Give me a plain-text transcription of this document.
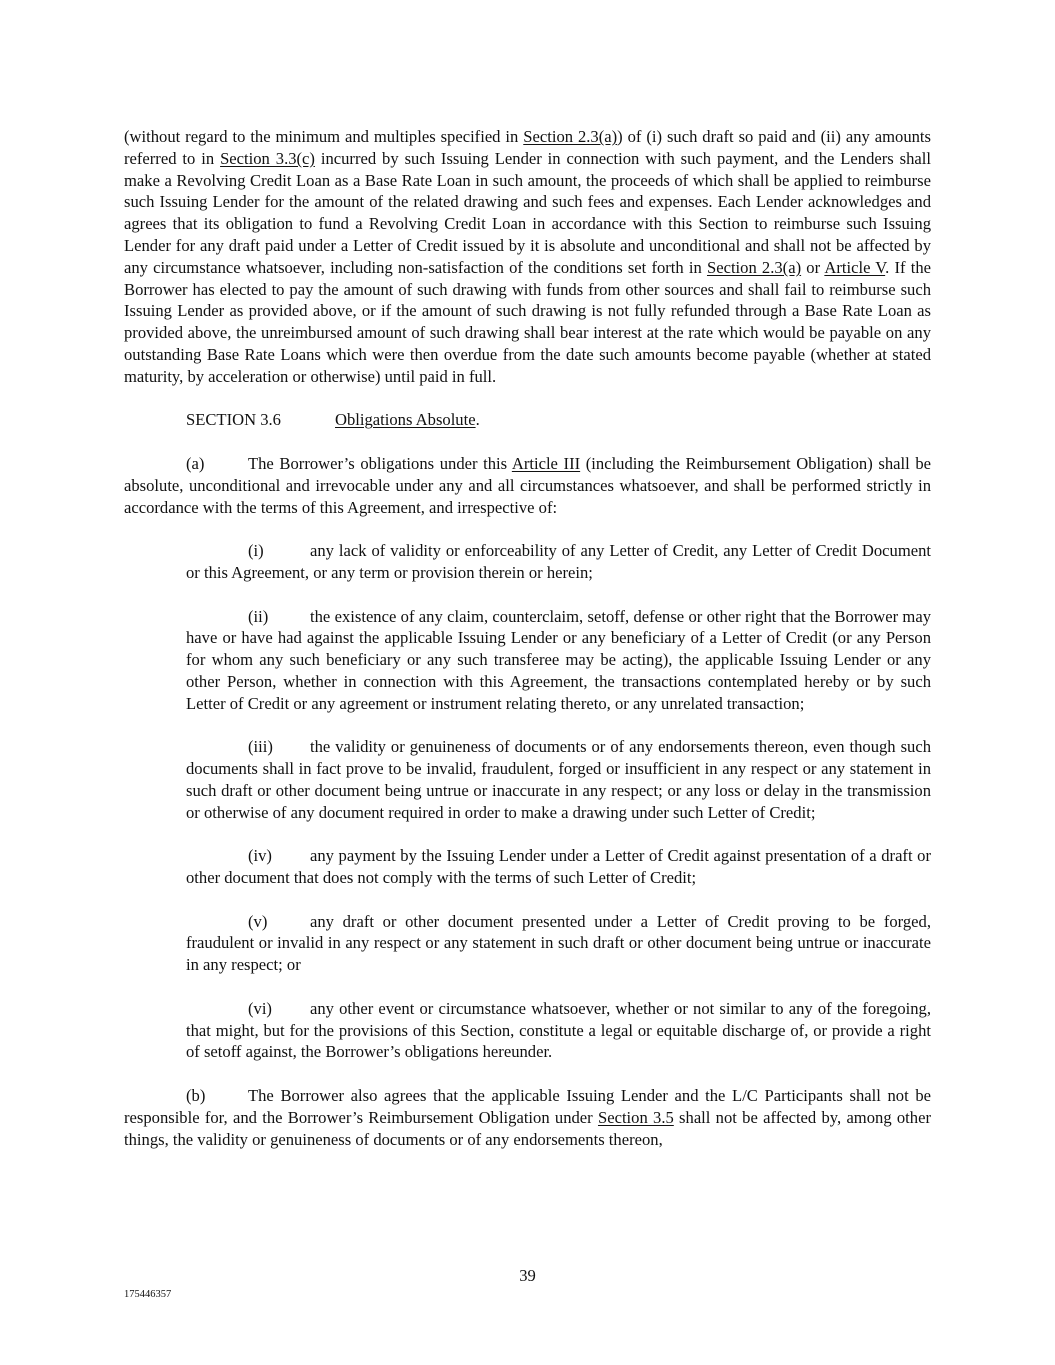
(without regard to the minimum and multiples specified in Section 2.3(a)) of (i) such draft so paid and (ii) any amounts referred to in Section 3.3(c) incurred by such Issuing Lender in connection with such payment, and the Lenders shall make a Revolving Credit Loan as a Base Rate Loan in such amount, the proceeds of which shall be applied to reimburse such Issuing Lender for the amount of the related drawing and such fees and expenses. Each Lender acknowledges and agrees that its obligation to fund a Revolving Credit Loan in accordance with this Section to reimburse such Issuing Lender for any draft paid under a Letter of Credit issued by it is absolute and unconditional and shall not be affected by any circumstance whatsoever, including non-satisfaction of the conditions set forth in Section 2.3(a) or Article V. If the Borrower has elected to pay the amount of such drawing with funds from other sources and shall fail to reimburse such Issuing Lender as provided above, or if the amount of such drawing is not fully refunded through a Base Rate Loan as provided above, the unreimbursed amount of such drawing shall bear interest at the rate which would be payable on any outstanding Base Rate Loans which were then overdue from the date such amounts become payable (whether at stated maturity, by acceleration or otherwise) until paid in full.

SECTION 3.6	Obligations Absolute.

(a)	The Borrower’s obligations under this Article III (including the Reimbursement Obligation) shall be absolute, unconditional and irrevocable under any and all circumstances whatsoever, and shall be performed strictly in accordance with the terms of this Agreement, and irrespective of:

(i)	any lack of validity or enforceability of any Letter of Credit, any Letter of Credit Document or this Agreement, or any term or provision therein or herein;

(ii)	the existence of any claim, counterclaim, setoff, defense or other right that the Borrower may have or have had against the applicable Issuing Lender or any beneficiary of a Letter of Credit (or any Person for whom any such beneficiary or any such transferee may be acting), the applicable Issuing Lender or any other Person, whether in connection with this Agreement, the transactions contemplated hereby or by such Letter of Credit or any agreement or instrument relating thereto, or any unrelated transaction;

(iii) the validity or genuineness of documents or of any endorsements thereon, even though such documents shall in fact prove to be invalid, fraudulent, forged or insufficient in any respect or any statement in such draft or other document being untrue or inaccurate in any respect; or any loss or delay in the transmission or otherwise of any document required in order to make a drawing under such Letter of Credit;

(iv) any payment by the Issuing Lender under a Letter of Credit against presentation of a draft or other document that does not comply with the terms of such Letter of Credit;

(v)	any draft or other document presented under a Letter of Credit proving to be forged, fraudulent or invalid in any respect or any statement in such draft or other document being untrue or inaccurate in any respect; or

(vi) any other event or circumstance whatsoever, whether or not similar to any of the foregoing, that might, but for the provisions of this Section, constitute a legal or equitable discharge of, or provide a right of setoff against, the Borrower’s obligations hereunder.

(b)	The Borrower also agrees that the applicable Issuing Lender and the L/C Participants shall not be responsible for, and the Borrower’s Reimbursement Obligation under Section 3.5 shall not be affected by, among other things, the validity or genuineness of documents or of any endorsements thereon,

39
175446357
